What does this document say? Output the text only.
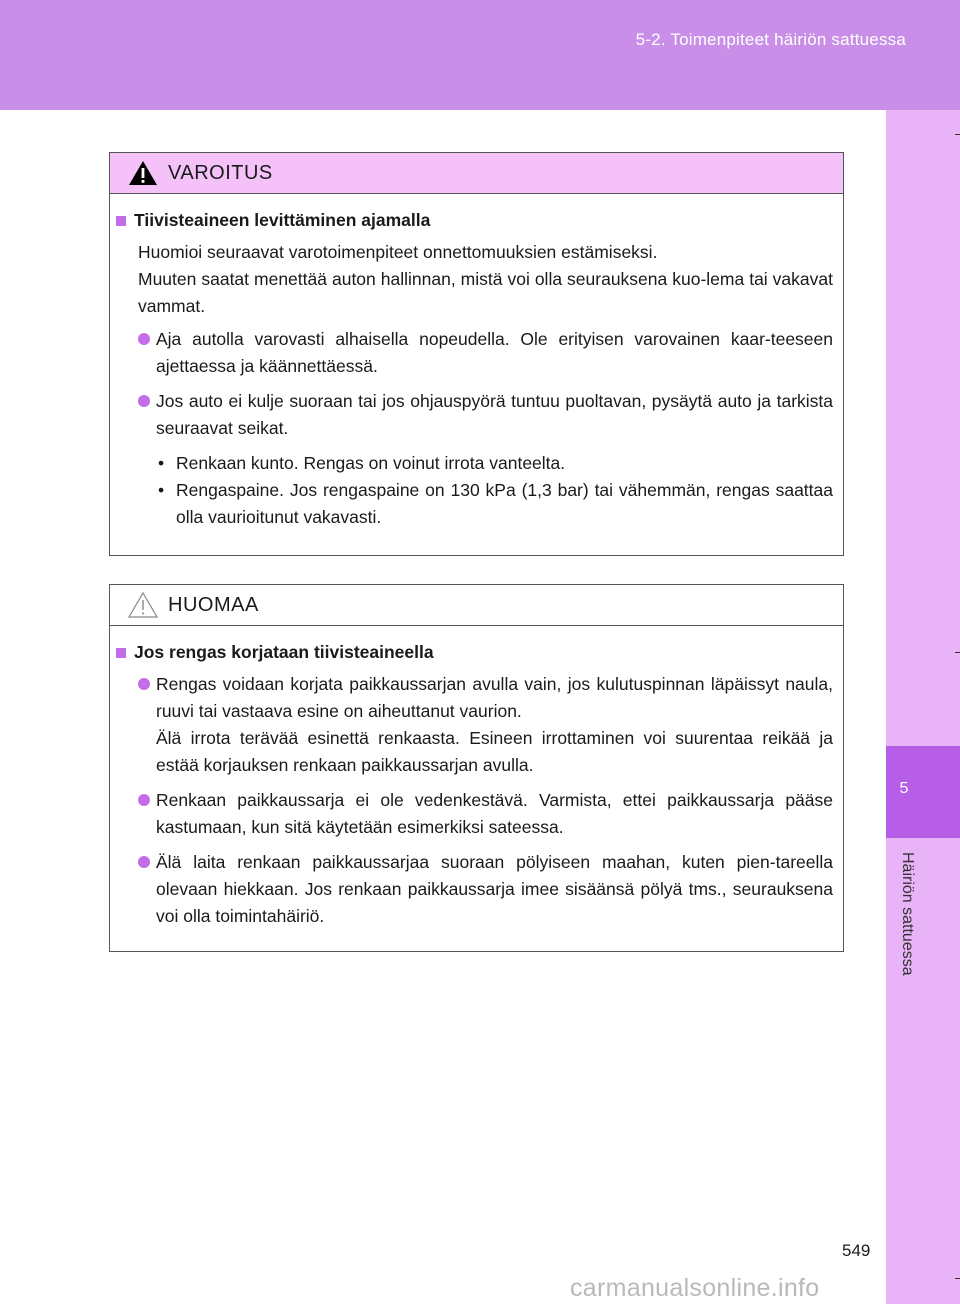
5-2. Toimenpiteet häiriön sattuessa
5
Häiriön sattuessa
VAROITUS
Tiivisteaineen levittäminen ajamalla

Huomioi seuraavat varotoimenpiteet onnettomuuksien estämiseksi.

Muuten saatat menettää auton hallinnan, mistä voi olla seurauksena kuo-lema tai vakavat vammat.

Aja autolla varovasti alhaisella nopeudella. Ole erityisen varovainen kaar-teeseen ajettaessa ja käännettäessä.
Jos auto ei kulje suoraan tai jos ohjauspyörä tuntuu puoltavan, pysäytä auto ja tarkista seuraavat seikat.
• Renkaan kunto. Rengas on voinut irrota vanteelta.
• Rengaspaine. Jos rengaspaine on 130 kPa (1,3 bar) tai vähemmän, rengas saattaa olla vaurioitunut vakavasti.
HUOMAA
Jos rengas korjataan tiivisteaineella
Rengas voidaan korjata paikkaussarjan avulla vain, jos kulutuspinnan läpäissyt naula, ruuvi tai vastaava esine on aiheuttanut vaurion.
Älä irrota terävää esinettä renkaasta. Esineen irrottaminen voi suurentaa reikää ja estää korjauksen renkaan paikkaussarjan avulla.
Renkaan paikkaussarja ei ole vedenkestävä. Varmista, ettei paikkaussarja pääse kastumaan, kun sitä käytetään esimerkiksi sateessa.
Älä laita renkaan paikkaussarjaa suoraan pölyiseen maahan, kuten pien-tareella olevaan hiekkaan. Jos renkaan paikkaussarja imee sisäänsä pölyä tms., seurauksena voi olla toimintahäiriö.
549
carmanualsonline.info
